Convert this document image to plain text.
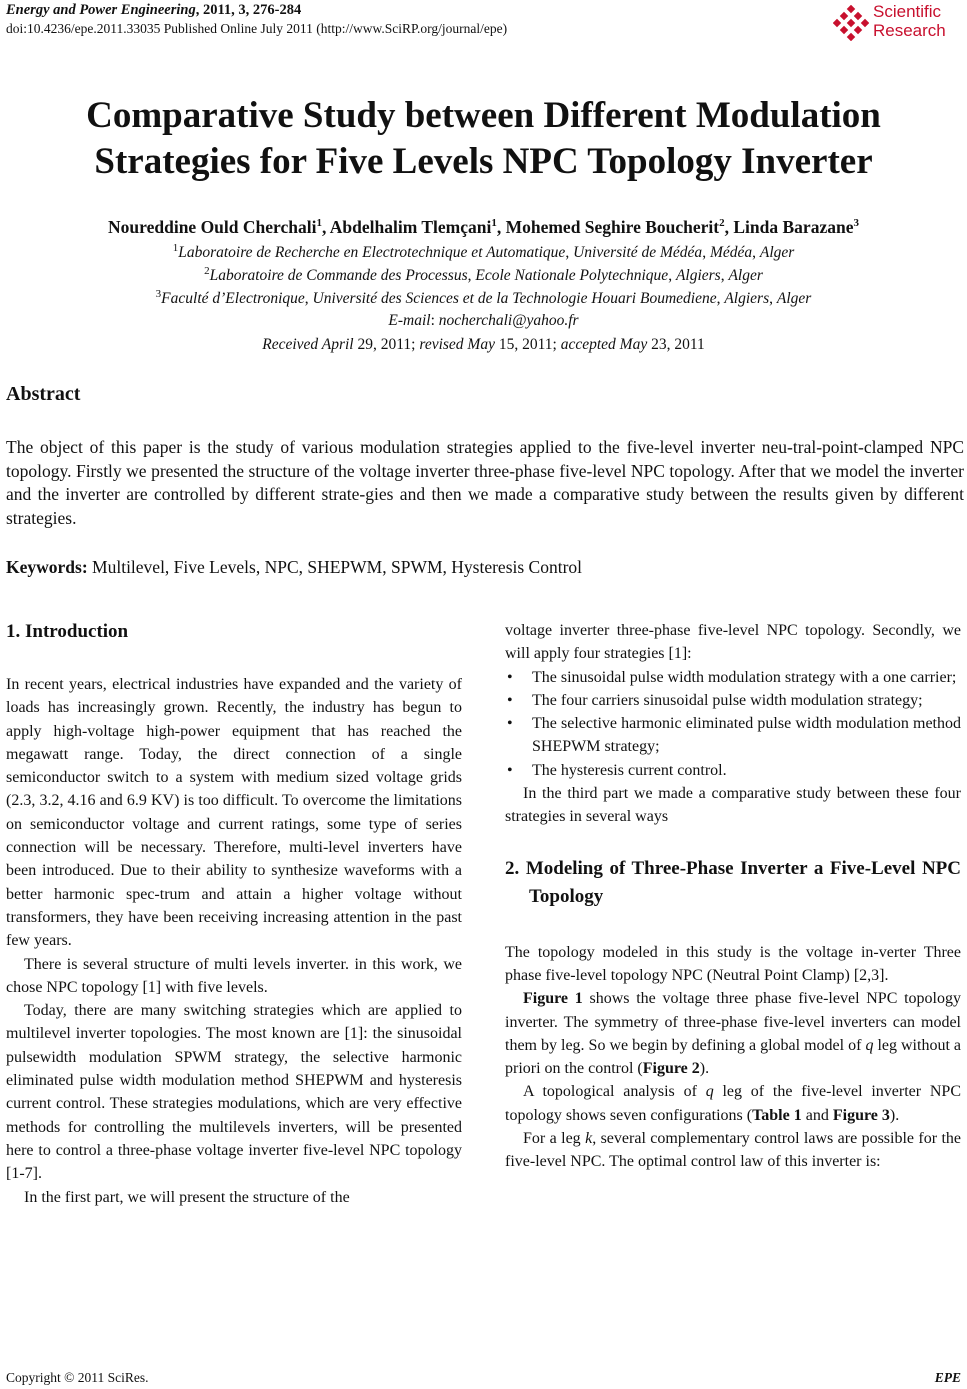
Energy and Power Engineering, 2011, 3, 276-284
doi:10.4236/epe.2011.33035 Published Online July 2011 (http://www.SciRP.org/journal/epe)
Scientific
Research
Comparative Study between Different Modulation
Strategies for Five Levels NPC Topology Inverter
Noureddine Ould Cherchali$^1$, Abdelhalim Tlemçani$^1$, Mohemed Seghire Boucherit$^2$, Linda Barazane$^3$
$^1$Laboratoire de Recherche en Electrotechnique et Automatique, Université de Médéa, Médéa, Alger
$^2$Laboratoire de Commande des Processus, Ecole Nationale Polytechnique, Algiers, Alger
$^3$Faculté d’Electronique, Université des Sciences et de la Technologie Houari Boumediene, Algiers, Alger
E-mail: nocherchali@yahoo.fr
Received April 29, 2011; revised May 15, 2011; accepted May 23, 2011
Abstract
The object of this paper is the study of various modulation strategies applied to the five-level inverter neu-tral-point-clamped NPC topology. Firstly we presented the structure of the voltage inverter three-phase five-level NPC topology. After that we model the inverter and the inverter are controlled by different strate-gies and then we made a comparative study between the results given by different strategies.
Keywords: Multilevel, Five Levels, NPC, SHEPWM, SPWM, Hysteresis Control
1. Introduction

In recent years, electrical industries have expanded and the variety of loads has increasingly grown. Recently, the industry has begun to apply high-voltage high-power equipment that has reached the megawatt range. Today, the direct connection of a single semiconductor switch to a system with medium sized voltage grids (2.3, 3.2, 4.16 and 6.9 KV) is too difficult. To overcome the limitations on semiconductor voltage and current ratings, some type of series connection will be necessary. Therefore, multi-level inverters have been introduced. Due to their ability to synthesize waveforms with a better harmonic spec-trum and attain a higher voltage without transformers, they have been receiving increasing attention in the past few years.

There is several structure of multi levels inverter. in this work, we chose NPC topology [1] with five levels.

Today, there are many switching strategies which are applied to multilevel inverter topologies. The most known are [1]: the sinusoidal pulsewidth modulation SPWM strategy, the selective harmonic eliminated pulse width modulation method SHEPWM and hysteresis current control. These strategies modulations, which are very effective methods for controlling the multilevels inverters, will be presented here to control a three-phase voltage inverter five-level NPC topology [1-7].

In the first part, we will present the structure of the

voltage inverter three-phase five-level NPC topology. Secondly, we will apply four strategies [1]:

• The sinusoidal pulse width modulation strategy with a one carrier;
• The four carriers sinusoidal pulse width modulation strategy;
• The selective harmonic eliminated pulse width modulation method SHEPWM strategy;
• The hysteresis current control.

In the third part we made a comparative study between these four strategies in several ways

2. Modeling of Three-Phase Inverter a Five-Level NPC Topology

The topology modeled in this study is the voltage in-verter Three phase five-level topology NPC (Neutral Point Clamp) [2,3].

Figure 1 shows the voltage three phase five-level NPC topology inverter. The symmetry of three-phase five-level inverters can model them by leg. So we begin by defining a global model of q leg without a priori on the control (Figure 2).

A topological analysis of q leg of the five-level inverter NPC topology shows seven configurations (Table 1 and Figure 3).

For a leg k, several complementary control laws are possible for the five-level NPC. The optimal control law of this inverter is:

Copyright © 2011 SciRes.	EPE
